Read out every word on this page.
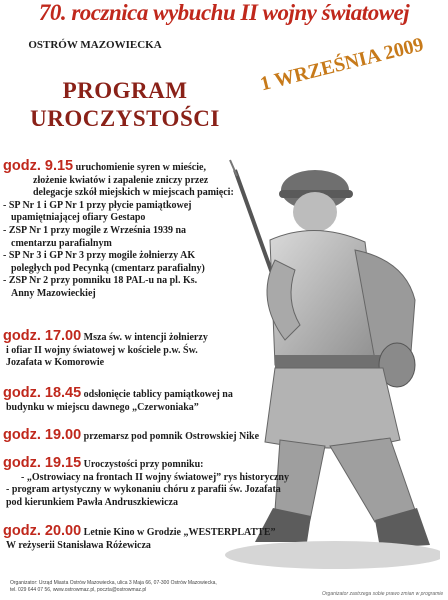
70. rocznica wybuchu II wojny światowej
OSTRÓW MAZOWIECKA
PROGRAM
UROCZYSTOŚCI
1 WRZEŚNIA 2009
godz. 9.15 uruchomienie syren w mieście,
złożenie kwiatów i zapalenie zniczy przez
delegacje szkół miejskich w miejscach pamięci:
- SP Nr 1 i GP Nr 1 przy płycie pamiątkowej
upamiętniającej ofiary Gestapo
- ZSP Nr 1 przy mogile z Września 1939 na
cmentarzu parafialnym
- SP Nr 3 i GP Nr 3 przy mogile żołnierzy AK
poległych pod Pecynką (cmentarz parafialny)
- ZSP Nr 2 przy pomniku 18 PAL-u na pl. Ks.
Anny Mazowieckiej
godz. 17.00 Msza św. w intencji żołnierzy
i ofiar II wojny światowej w kościele p.w. Św.
Jozafata w Komorowie
godz. 18.45 odsłonięcie tablicy pamiątkowej na
budynku w miejscu dawnego „Czerwoniaka”
godz. 19.00 przemarsz pod pomnik Ostrowskiej Nike
godz. 19.15 Uroczystości przy pomniku:
- „Ostrowiacy na frontach II wojny światowej” rys historyczny
- program artystyczny w wykonaniu chóru z parafii św. Jozafata
pod kierunkiem Pawła Andruszkiewicza
godz. 20.00 Letnie Kino w Grodzie „WESTERPLATTE”
W reżyserii Stanisława Różewicza
Organizator: Urząd Miasta Ostrów Mazowiecka, ulica 3 Maja 66, 07-300 Ostrów Mazowiecka,
tel. 029 644 07 56, www.ostrowmaz.pl, poczta@ostrowmaz.pl
Organizator zastrzega sobie prawo zmian w programie
